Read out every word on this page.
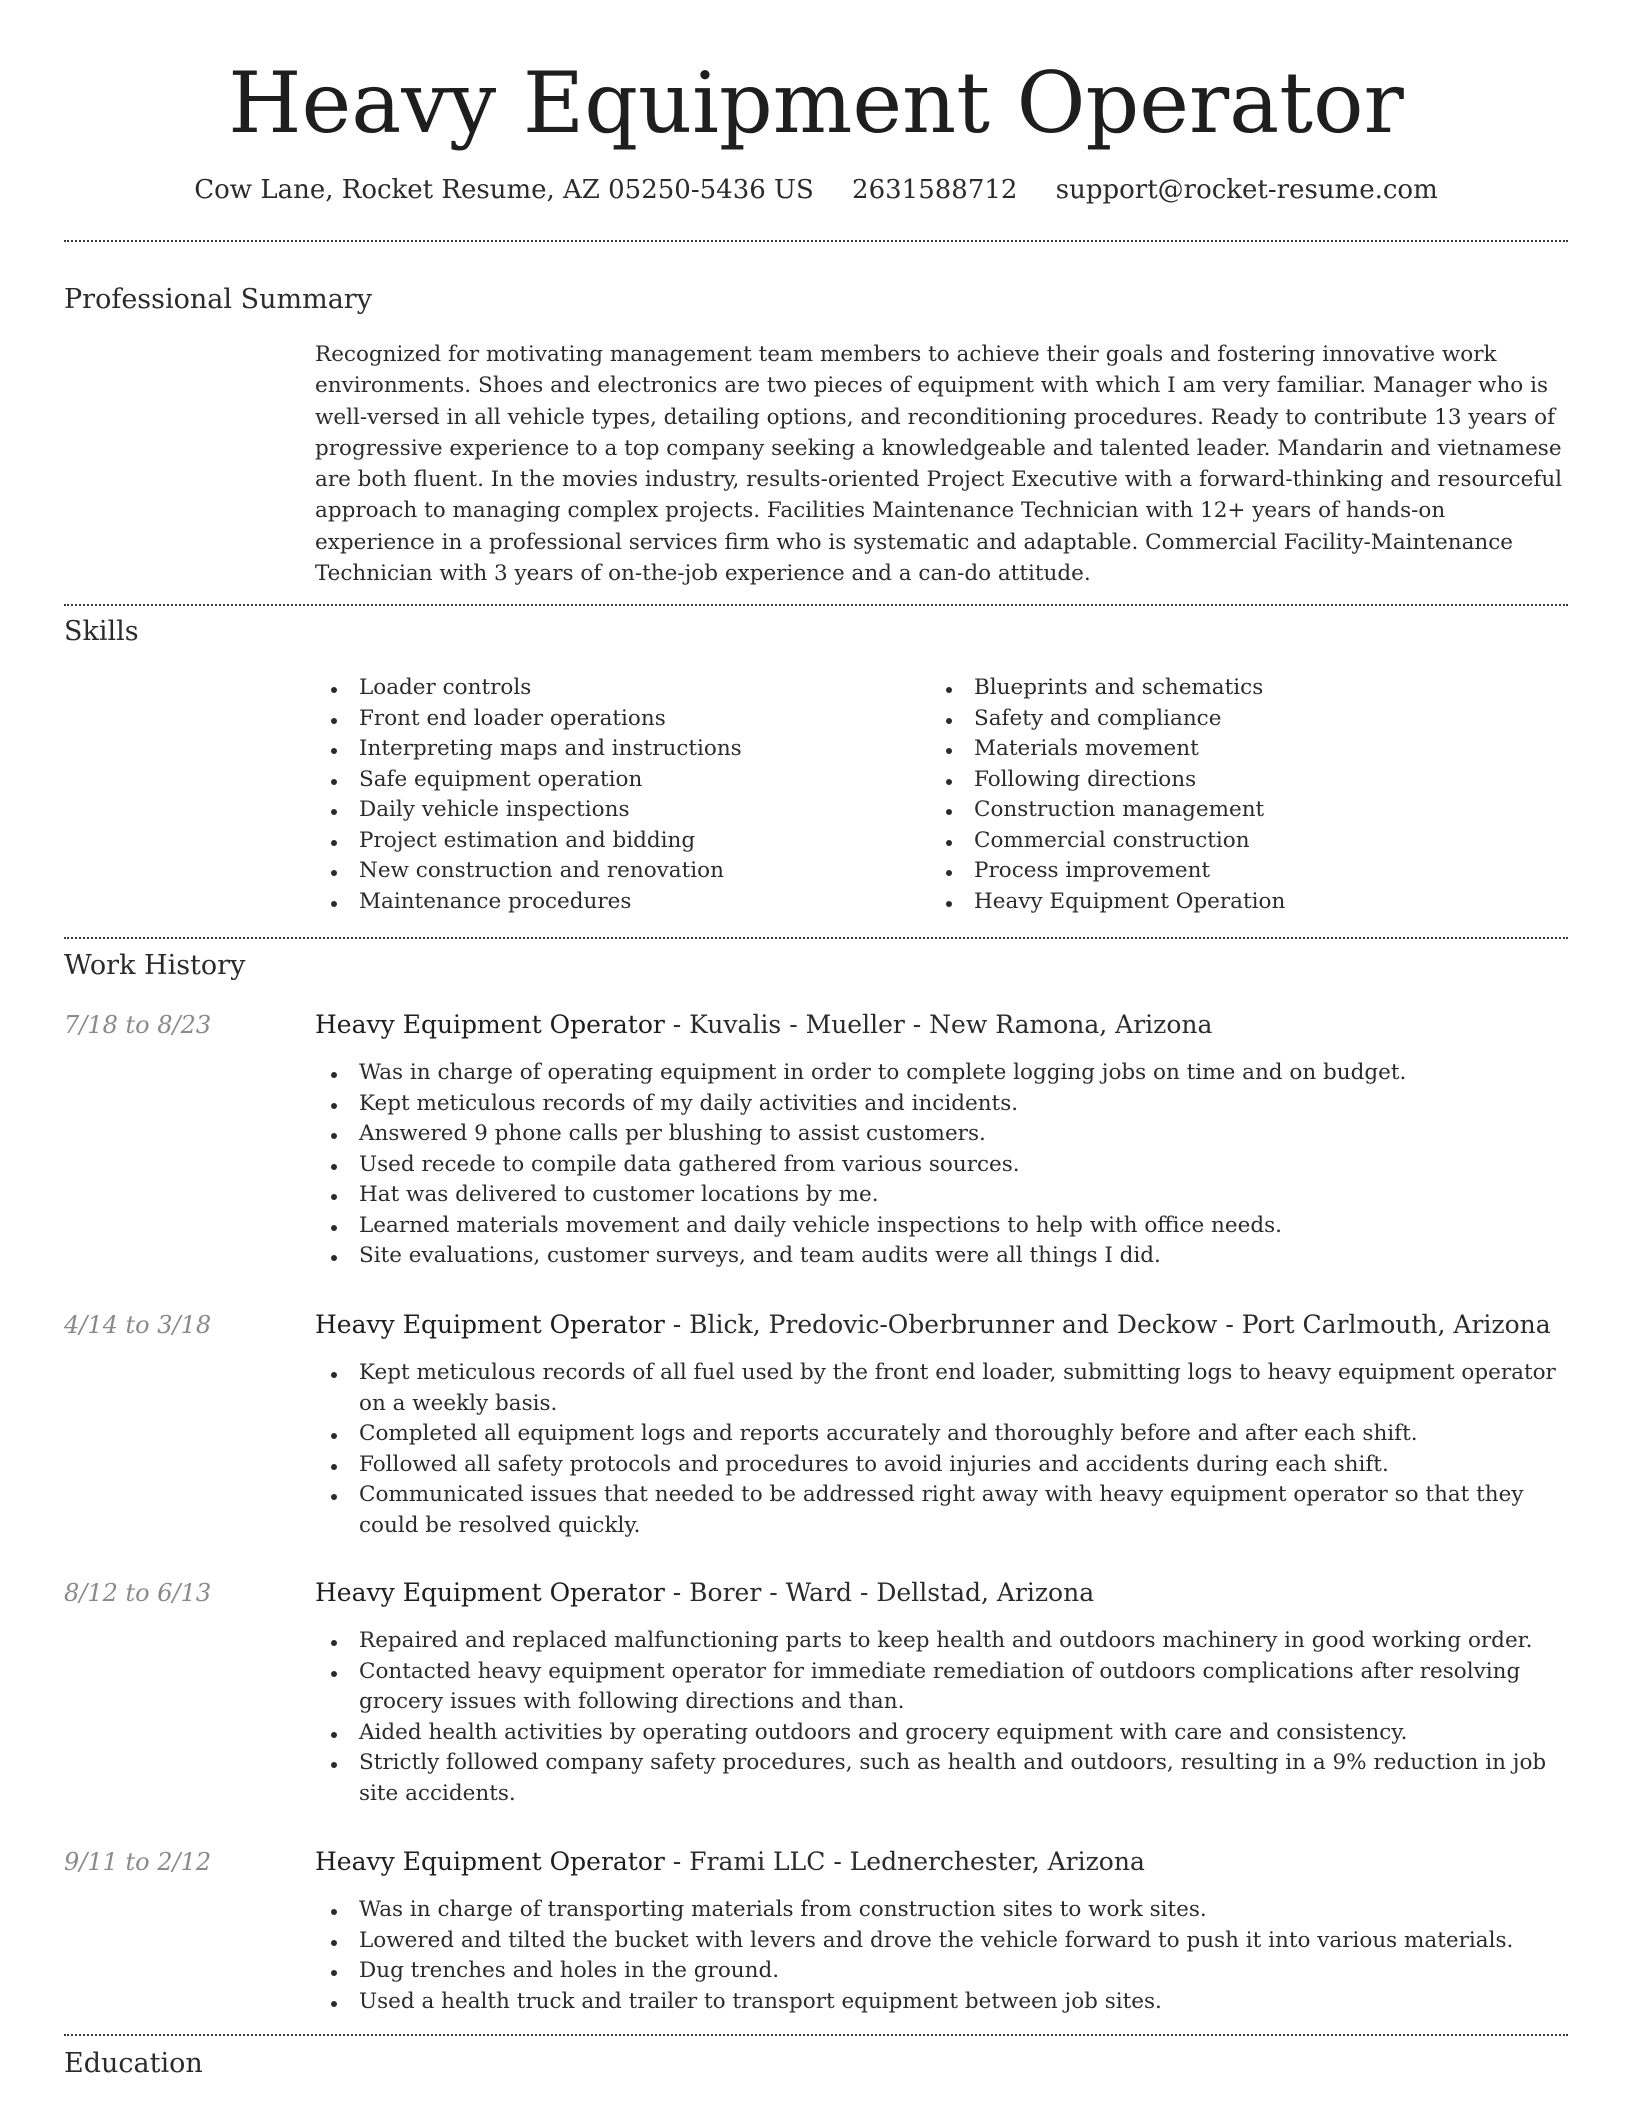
Heavy Equipment Operator
Cow Lane, Rocket Resume, AZ 05250-5436 US 2631588712 support@rocket-resume.com
Professional Summary

Recognized for motivating management team members to achieve their goals and fostering innovative work environments. Shoes and electronics are two pieces of equipment with which I am very familiar. Manager who is well-versed in all vehicle types, detailing options, and reconditioning procedures. Ready to contribute 13 years of progressive experience to a top company seeking a knowledgeable and talented leader. Mandarin and vietnamese are both fluent. In the movies industry, results-oriented Project Executive with a forward-thinking and resourceful approach to managing complex projects. Facilities Maintenance Technician with 12+ years of hands-on experience in a professional services firm who is systematic and adaptable. Commercial Facility-Maintenance Technician with 3 years of on-the-job experience and a can-do attitude.

Skills
Loader controls
Front end loader operations
Interpreting maps and instructions
Safe equipment operation
Daily vehicle inspections
Project estimation and bidding
New construction and renovation
Maintenance procedures
Blueprints and schematics
Safety and compliance
Materials movement
Following directions
Construction management
Commercial construction
Process improvement
Heavy Equipment Operation
Work History
7/18 to 8/23	Heavy Equipment Operator - Kuvalis - Mueller - New Ramona, Arizona
Was in charge of operating equipment in order to complete logging jobs on time and on budget.
Kept meticulous records of my daily activities and incidents.
Answered 9 phone calls per blushing to assist customers.
Used recede to compile data gathered from various sources.
Hat was delivered to customer locations by me.
Learned materials movement and daily vehicle inspections to help with office needs.
Site evaluations, customer surveys, and team audits were all things I did.
4/14 to 3/18	Heavy Equipment Operator - Blick, Predovic-Oberbrunner and Deckow - Port Carlmouth, Arizona
Kept meticulous records of all fuel used by the front end loader, submitting logs to heavy equipment operator on a weekly basis.
Completed all equipment logs and reports accurately and thoroughly before and after each shift.
Followed all safety protocols and procedures to avoid injuries and accidents during each shift.
Communicated issues that needed to be addressed right away with heavy equipment operator so that they could be resolved quickly.
8/12 to 6/13	Heavy Equipment Operator - Borer - Ward - Dellstad, Arizona
Repaired and replaced malfunctioning parts to keep health and outdoors machinery in good working order.
Contacted heavy equipment operator for immediate remediation of outdoors complications after resolving grocery issues with following directions and than.
Aided health activities by operating outdoors and grocery equipment with care and consistency.
Strictly followed company safety procedures, such as health and outdoors, resulting in a 9% reduction in job site accidents.
9/11 to 2/12	Heavy Equipment Operator - Frami LLC - Lednerchester, Arizona
Was in charge of transporting materials from construction sites to work sites.
Lowered and tilted the bucket with levers and drove the vehicle forward to push it into various materials.
Dug trenches and holes in the ground.
Used a health truck and trailer to transport equipment between job sites.
Education
